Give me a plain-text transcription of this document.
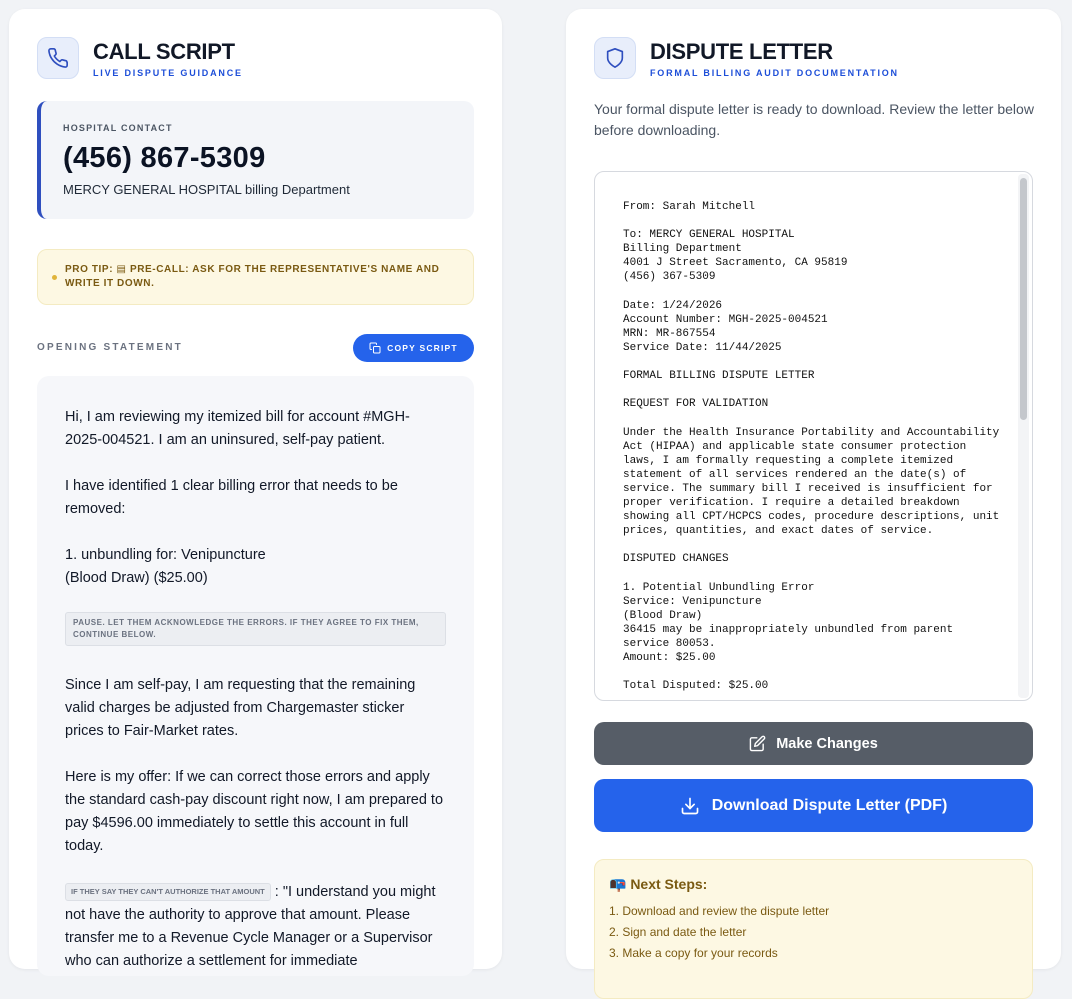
CALL SCRIPT
LIVE DISPUTE GUIDANCE
HOSPITAL CONTACT
(456) 867-5309
MERCY GENERAL HOSPITAL billing Department
PRO TIP: ▤ PRE-CALL: ASK FOR THE REPRESENTATIVE'S NAME AND WRITE IT DOWN.
OPENING STATEMENT	COPY SCRIPT

Hi, I am reviewing my itemized bill for account #MGH-2025-004521. I am an uninsured, self-pay patient.

I have identified 1 clear billing error that needs to be removed:

1. unbundling for: Venipuncture
(Blood Draw) ($25.00)

PAUSE. LET THEM ACKNOWLEDGE THE ERRORS. IF THEY AGREE TO FIX THEM, CONTINUE BELOW.

Since I am self-pay, I am requesting that the remaining valid charges be adjusted from Chargemaster sticker prices to Fair-Market rates.

Here is my offer: If we can correct those errors and apply the standard cash-pay discount right now, I am prepared to pay $4596.00 immediately to settle this account in full today.

IF THEY SAY THEY CAN'T AUTHORIZE THAT AMOUNT : "I understand you might not have the authority to approve that amount. Please transfer me to a Revenue Cycle Manager or a Supervisor who can authorize a settlement for immediate

DISPUTE LETTER
FORMAL BILLING AUDIT DOCUMENTATION
Your formal dispute letter is ready to download. Review the letter below before downloading.
From: Sarah Mitchell
To: MERCY GENERAL HOSPITAL
Billing Department
4001 J Street Sacramento, CA 95819
(456) 367-5309
Date: 1/24/2026
Account Number: MGH-2025-004521
MRN: MR-867554
Service Date: 11/44/2025
FORMAL BILLING DISPUTE LETTER
REQUEST FOR VALIDATION
Under the Health Insurance Portability and Accountability
Act (HIPAA) and applicable state consumer protection
laws, I am formally requesting a complete itemized
statement of all services rendered an the date(s) of
service. The summary bill I received is insufficient for
proper verification. I require a detailed breakdown
showing all CPT/HCPCS codes, procedure descriptions, unit
prices, quantities, and exact dates of service.
DISPUTED CHANGES
1. Potential Unbundling Error
Service: Venipuncture
(Blood Draw)
36415 may be inappropriately unbundled from parent
service 80053.
Amount: $25.00
Total Disputed: $25.00
Make Changes
Download Dispute Letter (PDF)
📭 Next Steps:
1. Download and review the dispute letter
2. Sign and date the letter
3. Make a copy for your records
